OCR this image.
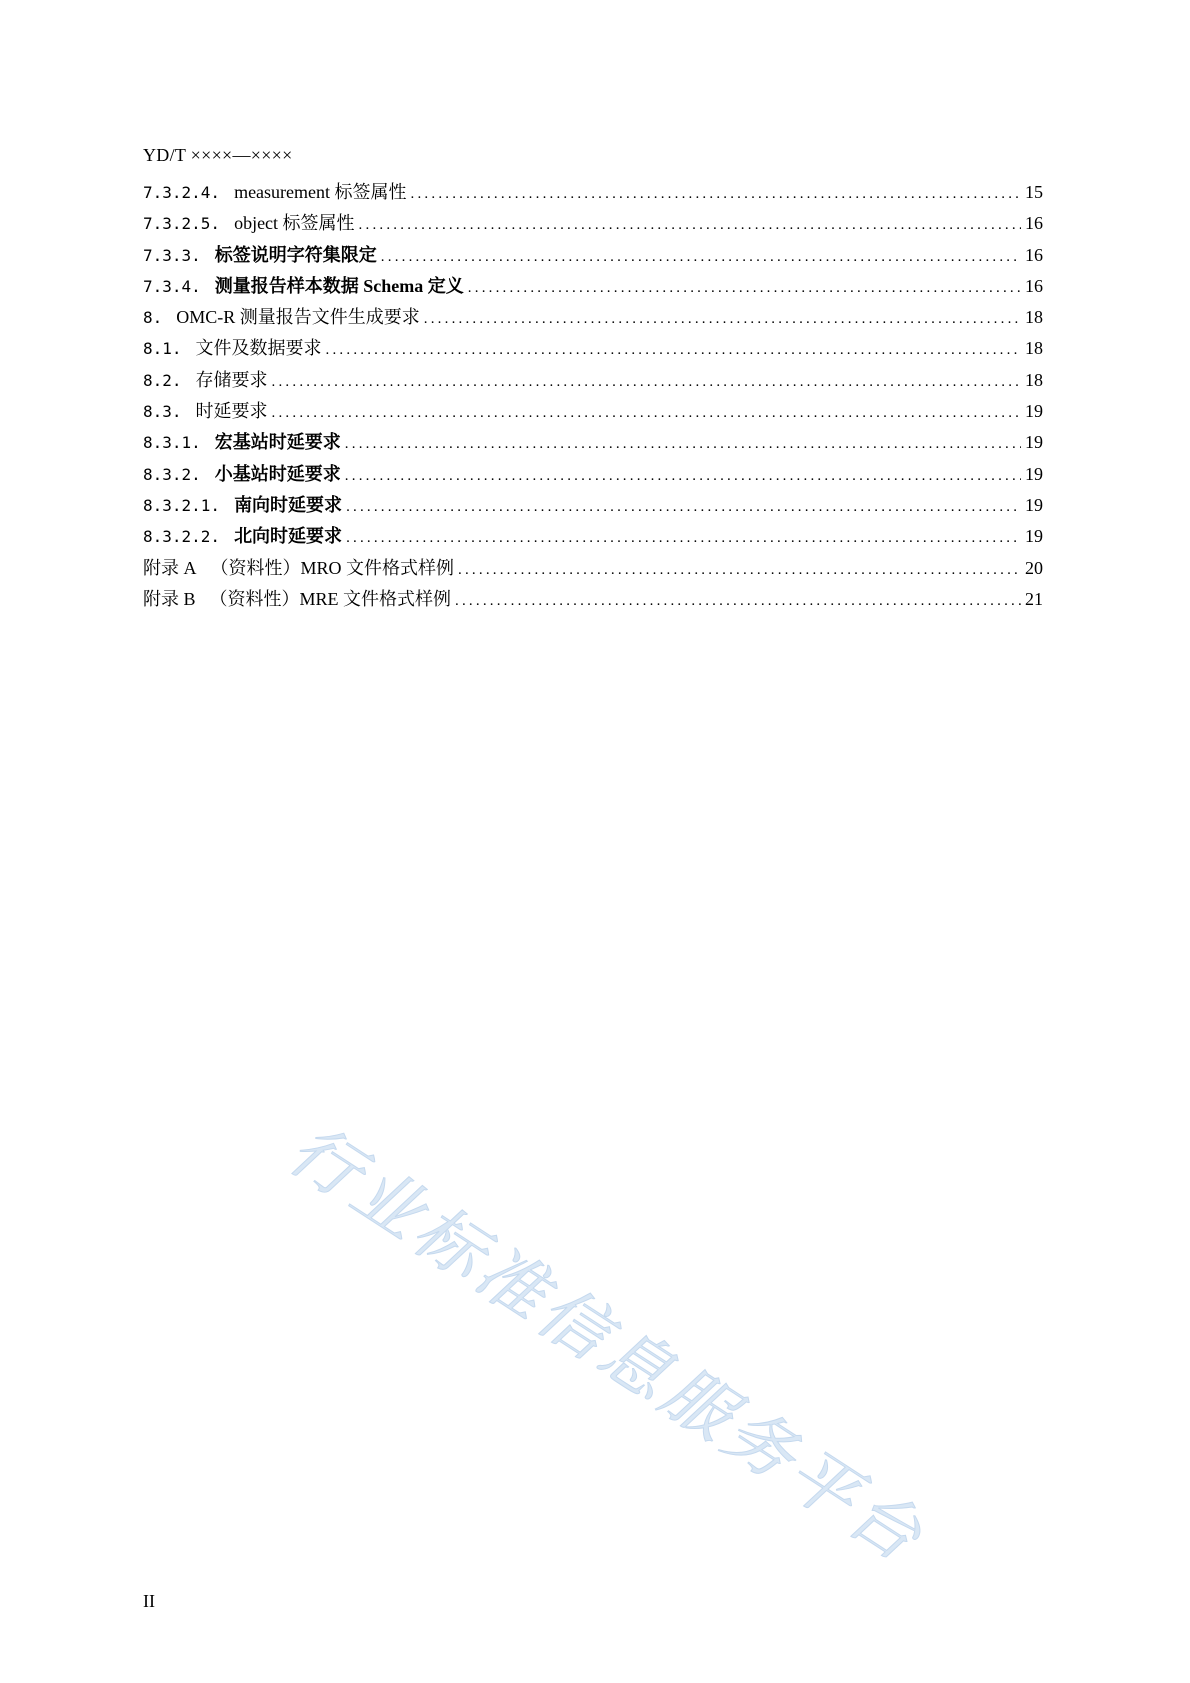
YD/T ××××—××××
7.3.2.4. measurement 标签属性 .....	15
7.3.2.5. object 标签属性 .....	16
7.3.3. 标签说明字符集限定 .....	16
7.3.4. 测量报告样本数据 Schema 定义 .....	16
8. OMC-R 测量报告文件生成要求 .....	18
8.1. 文件及数据要求 .....	18
8.2. 存储要求 .....	18
8.3. 时延要求 .....	19
8.3.1. 宏基站时延要求 .....	19
8.3.2. 小基站时延要求 .....	19
8.3.2.1. 南向时延要求 .....	19
8.3.2.2. 北向时延要求 .....	19
附录 A （资料性）MRO 文件格式样例 .....	20
附录 B （资料性）MRE 文件格式样例 .....	21
行业标准信息服务平台
II
